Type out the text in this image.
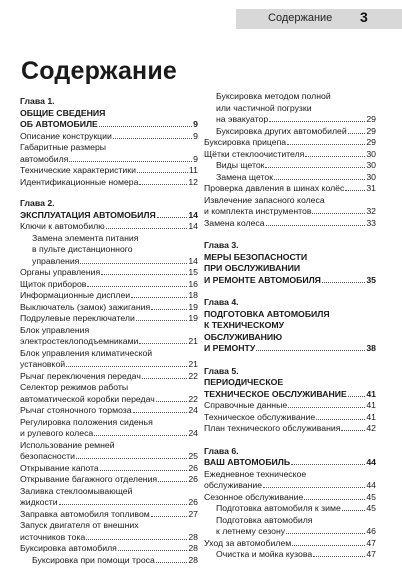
Содержание 3
Содержание
Глава 1.
ОБЩИЕ СВЕДЕНИЯ
ОБ АВТОМОБИЛЕ	9
Описание конструкции	9
Габаритные размеры
автомобиля	9
Технические характеристики	11
Идентификационные номера	12
Глава 2.
ЭКСПЛУАТАЦИЯ АВТОМОБИЛЯ	14
Ключи к автомобилю	14
Замена элемента питания
в пульте дистанционного
управления	14
Органы управления	15
Щиток приборов	16
Информационные дисплеи	18
Выключатель (замок) зажигания	19
Подрулевые переключатели	19
Блок управления
электростеклоподъемниками	21
Блок управления климатической
установкой	21
Рычаг переключения передач	22
Селектор режимов работы
автоматической коробки передач	22
Рычаг стояночного тормоза	24
Регулировка положения сиденья
и рулевого колеса	24
Использование ремней
безопасности	25
Открывание капота	26
Открывание багажного отделения	26
Заливка стеклоомывающей
жидкости	26
Заправка автомобиля топливом	27
Запуск двигателя от внешних
источников тока	28
Буксировка автомобиля	28
Буксировка при помощи троса	28
Буксировка методом полной
или частичной погрузки
на эвакуатор	29
Буксировка других автомобилей 29
Буксировка прицепа	29
Щётки стеклоочистителя	30
Виды щеток	30
Замена щеток	30
Проверка давления в шинах колёс	31
Извлечение запасного колеса
и комплекта инструментов	32
Замена колеса	33
Глава 3.
МЕРЫ БЕЗОПАСНОСТИ
ПРИ ОБСЛУЖИВАНИИ
И РЕМОНТЕ АВТОМОБИЛЯ	35
Глава 4.
ПОДГОТОВКА АВТОМОБИЛЯ
К ТЕХНИЧЕСКОМУ
ОБСЛУЖИВАНИЮ
И РЕМОНТУ	38
Глава 5.
ПЕРИОДИЧЕСКОЕ
ТЕХНИЧЕСКОЕ ОБСЛУЖИВАНИЕ 41
Справочные данные	41
Техническое обслуживание	41
План технического обслуживания	42
Глава 6.
ВАШ АВТОМОБИЛЬ	44
Ежедневное техническое
обслуживание	44
Сезонное обслуживание	45
Подготовка автомобиля к зиме	45
Подготовка автомобиля
к летнему сезону	46
Уход за автомобилем	47
Очистка и мойка кузова	47
